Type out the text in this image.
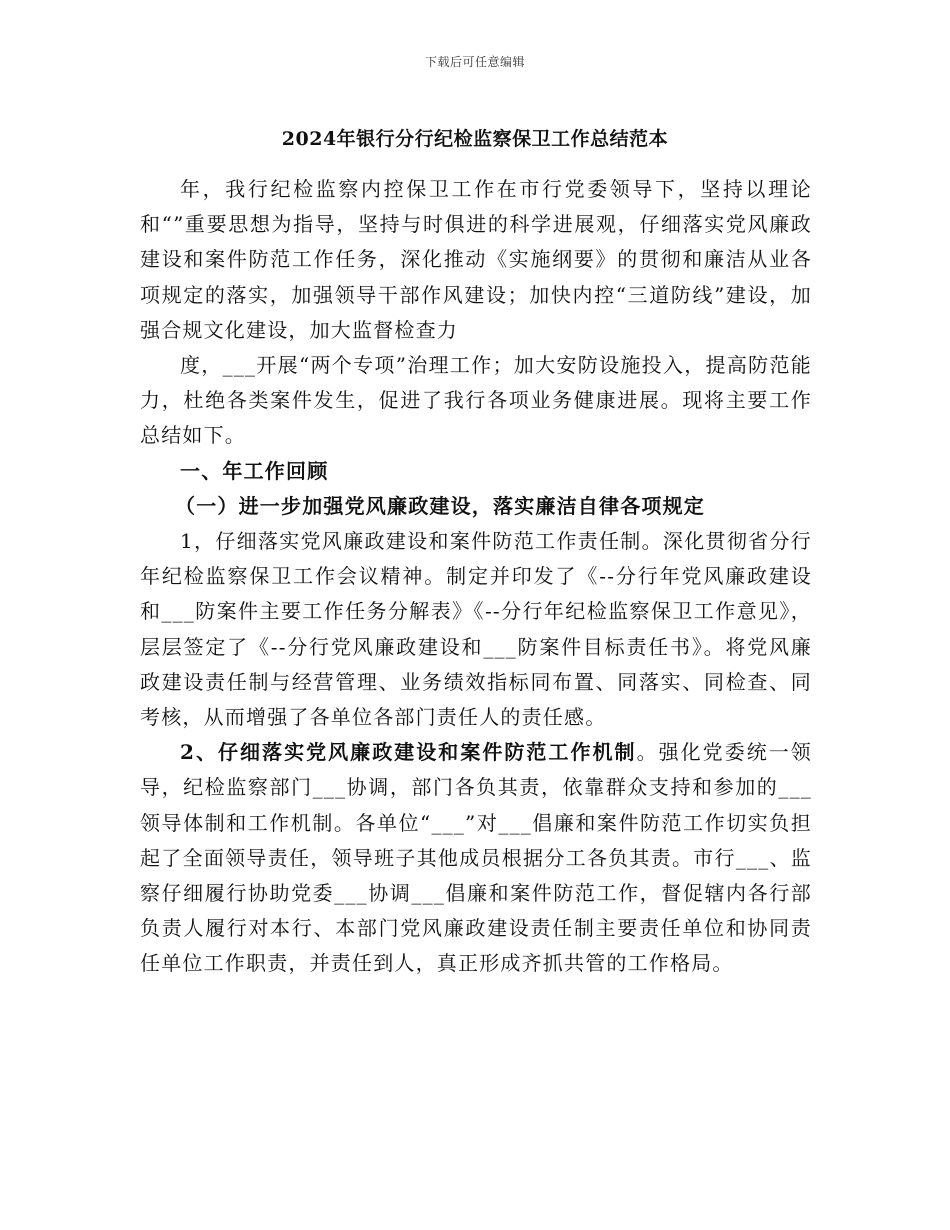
下载后可任意编辑
2024年银行分行纪检监察保卫工作总结范本

年，我行纪检监察内控保卫工作在市行党委领导下，坚持以理论和“”重要思想为指导，坚持与时俱进的科学进展观，仔细落实党风廉政建设和案件防范工作任务，深化推动《实施纲要》的贯彻和廉洁从业各项规定的落实，加强领导干部作风建设；加快内控“三道防线”建设，加强合规文化建设，加大监督检查力

度，___开展“两个专项”治理工作；加大安防设施投入，提高防范能力，杜绝各类案件发生，促进了我行各项业务健康进展。现将主要工作总结如下。

一、年工作回顾

（一）进一步加强党风廉政建设，落实廉洁自律各项规定

1，仔细落实党风廉政建设和案件防范工作责任制。深化贯彻省分行年纪检监察保卫工作会议精神。制定并印发了《--分行年党风廉政建设和___防案件主要工作任务分解表》《--分行年纪检监察保卫工作意见》，层层签定了《--分行党风廉政建设和___防案件目标责任书》。将党风廉政建设责任制与经营管理、业务绩效指标同布置、同落实、同检查、同考核，从而增强了各单位各部门责任人的责任感。

2、仔细落实党风廉政建设和案件防范工作机制。强化党委统一领导，纪检监察部门___协调，部门各负其责，依靠群众支持和参加的___领导体制和工作机制。各单位“___”对___倡廉和案件防范工作切实负担起了全面领导责任，领导班子其他成员根据分工各负其责。市行___、监察仔细履行协助党委___协调___倡廉和案件防范工作，督促辖内各行部负责人履行对本行、本部门党风廉政建设责任制主要责任单位和协同责任单位工作职责，并责任到人，真正形成齐抓共管的工作格局。
